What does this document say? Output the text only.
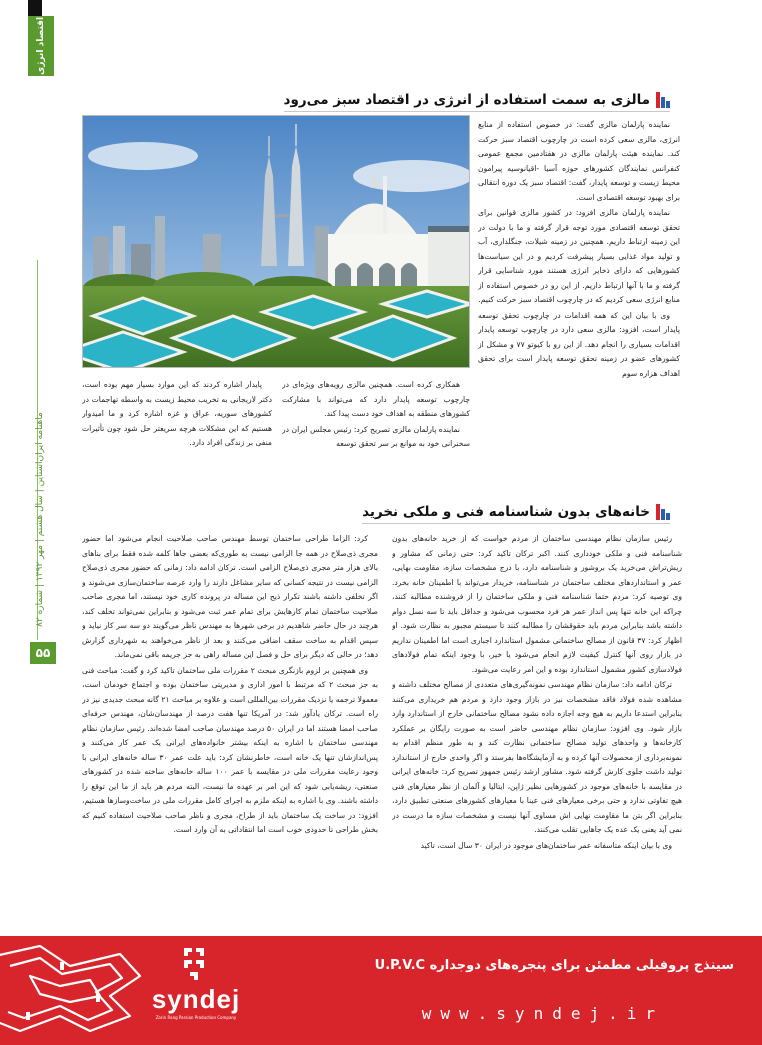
اقتصاد انرژی
ماهنامه ایران‌اشتاین | سال هشتم | مهر ۱۳۹۲ | شماره ۸۲
۵۵
مالزی به سمت استفاده از انرژی در اقتصاد سبز می‌رود

نماینده پارلمان مالزی گفت: در خصوص استفاده از منابع انرژی، مالزی سعی کرده است در چارچوب اقتصاد سبز حرکت کند. نماینده هیئت پارلمان مالزی در هفتادمین مجمع عمومی کنفرانس نمایندگان کشورهای حوزه آسیا -اقیانوسیه پیرامون محیط زیست و توسعه پایدار، گفت: اقتصاد سبز یک دوره انتقالی برای بهبود توسعه اقتصادی است.

نماینده پارلمان مالزی افزود: در کشور مالزی قوانین برای تحقق توسعه اقتصادی مورد توجه قرار گرفته و ما با دولت در این زمینه ارتباط داریم. همچنین در زمینه شیلات، جنگلداری، آب و تولید مواد غذایی بسیار پیشرفت کردیم و در این سیاست‌ها کشورهایی که دارای ذخایر انرژی هستند مورد شناسایی قرار گرفته و ما با آنها ارتباط داریم. از این رو در خصوص استفاده از منابع انرژی سعی کردیم که در چارچوب اقتصاد سبز حرکت کنیم.

وی با بیان این که همه اقدامات در چارچوب تحقق توسعه پایدار است، افزود: مالزی سعی دارد در چارچوب توسعه پایدار اقدامات بسیاری را انجام دهد. از این رو با کیوتو ۷۷ و مشکل از کشورهای عضو در زمینه تحقق توسعه پایدار است برای تحقق اهداف هزاره سوم

همکاری کرده است. همچنین مالزی رویه‌های ویژه‌ای در چارچوب توسعه پایدار دارد که می‌تواند با مشارکت کشورهای منطقه به اهداف خود دست پیدا کند.

نماینده پارلمان مالزی تصریح کرد: رئیس مجلس ایران در سخنرانی خود به موانع بر سر تحقق توسعه

پایدار اشاره کردند که این موارد بسیار مهم بوده است، دکتر لاریجانی به تخریب محیط زیست به واسطه تهاجمات در کشورهای سوریه، عراق و غزه اشاره کرد و ما امیدوار هستیم که این مشکلات هرچه سریعتر حل شود چون تأثیرات منفی بر زندگی افراد دارد.

خانه‌های بدون شناسنامه فنی و ملکی نخرید

رئیس سازمان نظام مهندسی ساختمان از مردم خواست که از خرید خانه‌های بدون شناسنامه فنی و ملکی خودداری کنند. اکبر ترکان تاکید کرد: حتی زمانی که مشاور و ریش‌تراش می‌خرید یک بروشور و شناسنامه دارد، با درج مشخصات سازه، مقاومت بهایی، عمر و استانداردهای مختلف ساختمان در شناسنامه، خریدار می‌تواند با اطمینان خانه بخرد. وی توصیه کرد: مردم حتما شناسنامه فنی و ملکی ساختمان را از فروشنده مطالبه کنند، چراکه این خانه تنها پس انداز عمر هر فرد محسوب می‌شود و حداقل باید تا سه نسل دوام داشته باشد بنابراین مردم باید حقوقشان را مطالبه کنند تا سیستم مجبور به نظارت شود. او اظهار کرد: ۳۷ قانون از مصالح ساختمانی مشمول استاندارد اجباری است اما اطمینان نداریم در بازار روی آنها کنترل کیفیت لازم انجام می‌شود یا خیر، با وجود اینکه تمام فولادهای فولادسازی کشور مشمول استاندارد بوده و این امر رعایت می‌شود.

ترکان ادامه داد: سازمان نظام مهندسی نمونه‌گیری‌های متعددی از مصالح مختلف داشته و مشاهده شده فولاد فاقد مشخصات نیز در بازار وجود دارد و مردم هم خریداری می‌کنند بنابراین استدعا داریم به هیچ وجه اجازه داده نشود مصالح ساختمانی خارج از استاندارد وارد بازار شود. وی افزود: سازمان نظام مهندسی حاضر است به صورت رایگان بر عملکرد کارخانه‌ها و واحدهای تولید مصالح ساختمانی نظارت کند و به طور منظم اقدام به نمونه‌برداری از محصولات آنها کرده و به آزمایشگاه‌ها بفرستد و اگر واحدی خارج از استاندارد تولید داشت جلوی کارش گرفته شود. مشاور ارشد رئیس جمهور تصریح کرد: خانه‌های ایرانی در مقایسه با خانه‌های موجود در کشورهایی نظیر ژاپن، ایتالیا و آلمان از نظر معیارهای فنی هیچ تفاوتی ندارد و حتی برخی معیارهای فنی عینا با معیارهای کشورهای صنعتی تطبیق دارد، بنابراین اگر بتن ما مقاومت نهایی اش مساوی آنها نیست و مشخصات سازه ما درست در نمی آید یعنی یک عده یک جاهایی تقلب می‌کنند.

وی با بیان اینکه متاسفانه عمر ساختمان‌های موجود در ایران ۳۰ سال است، تاکید

کرد: الزاما طراحی ساختمان توسط مهندس صاحب صلاحیت انجام می‌شود اما حضور مجری ذی‌صلاح در همه جا الزامی نیست به طوری‌که بعضی جاها کلمه شده فقط برای بناهای بالای هزار متر مجری ذی‌صلاح الزامی است. ترکان ادامه داد: زمانی که حضور مجری ذی‌صلاح الزامی نیست در نتیجه کسانی که سایر مشاغل دارند را وارد عرصه ساختمان‌سازی می‌شوند و اگر تخلفی داشته باشند تکرار ذیح این مساله در پرونده کاری خود نیستند، اما مجری صاحب صلاحیت ساختمان تمام کارهایش برای تمام عمر ثبت می‌شود و بنابراین نمی‌تواند تخلف کند، هرچند در حال حاضر شاهدیم در برخی شهرها به مهندس ناظر می‌گویند دو سه سر کار نیاید و سپس اقدام به ساخت سقف اضافی می‌کنند و بعد از ناظر می‌خواهند به شهرداری گزارش دهد؛ در حالی که دیگر برای حل و فصل این مساله راهی به جز جریمه باقی نمی‌ماند.

وی همچنین بر لزوم بازنگری مبحث ۲ مقررات ملی ساختمان تاکید کرد و گفت: مباحث فنی به جز مبحث ۲ که مرتبط با امور اداری و مدیریتی ساختمان بوده و اجتماع خودمان است، معمولا ترجمه یا نزدیک مقررات بین‌المللی است و علاوه بر مباحث ۲۱ گانه مبحث جدیدی نیز در راه است. ترکان یادآور شد: در آمریکا تنها هفت درصد از مهندسان‌شان، مهندس حرفه‌ای صاحب امضا هستند اما در ایران ۵۰ درصد مهندسان صاحب امضا شده‌اند. رئیس سازمان نظام مهندسی ساختمان با اشاره به اینکه بیشتر خانواده‌های ایرانی یک عمر کار می‌کنند و پس‌اندازشان تنها یک خانه است، خاطرنشان کرد: باید علت عمر ۳۰ ساله خانه‌های ایرانی با وجود رعایت مقررات ملی در مقایسه با عمر ۱۰۰ ساله خانه‌های ساخته شده در کشورهای صنعتی، ریشه‌یابی شود که این امر بر عهده ما نیست، البته مردم هر باید از ما این توقع را داشته باشند. وی با اشاره به اینکه ملزم به اجرای کامل مقررات ملی در ساخت‌وسازها هستیم، افزود: در ساخت یک ساختمان باید از طراح، مجری و ناظر صاحب صلاحیت استفاده کنیم که بخش طراحی تا حدودی خوب است اما انتقاداتی به آن وارد است.

syndej
Zarin Rang Parsian Production Company
سینذج پروفیلی مطمئن برای پنجره‌های دوجداره U.P.V.C
www.syndej.ir
